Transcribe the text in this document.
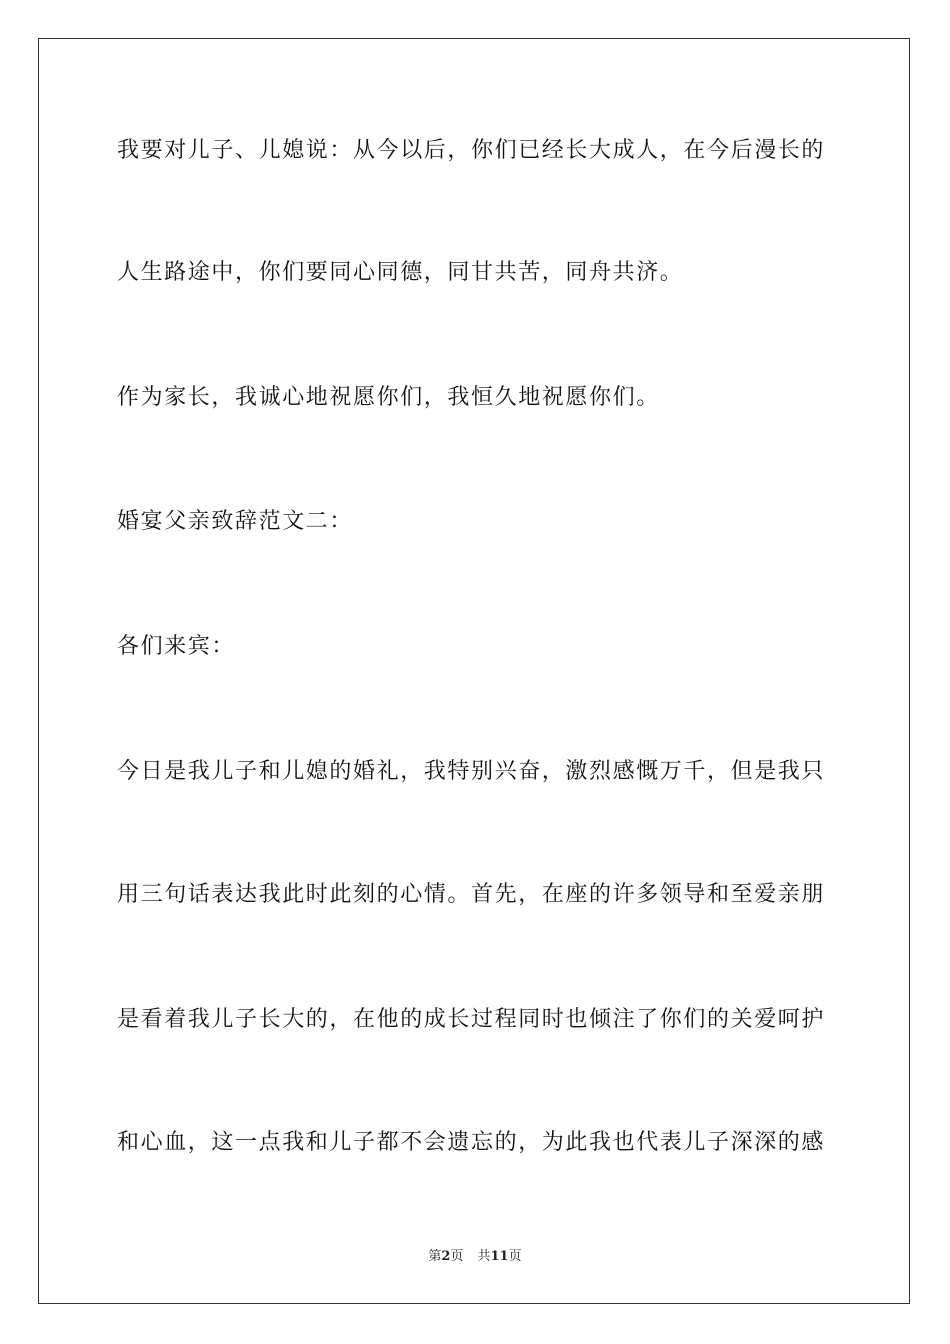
我要对儿子、儿媳说：从今以后，你们已经长大成人，在今后漫长的
人生路途中，你们要同心同德，同甘共苦，同舟共济。
作为家长，我诚心地祝愿你们，我恒久地祝愿你们。
婚宴父亲致辞范文二：
各们来宾：
今日是我儿子和儿媳的婚礼，我特别兴奋，激烈感慨万千，但是我只
用三句话表达我此时此刻的心情。首先，在座的许多领导和至爱亲朋
是看着我儿子长大的，在他的成长过程同时也倾注了你们的关爱呵护
和心血，这一点我和儿子都不会遗忘的，为此我也代表儿子深深的感
第2页 共11页
